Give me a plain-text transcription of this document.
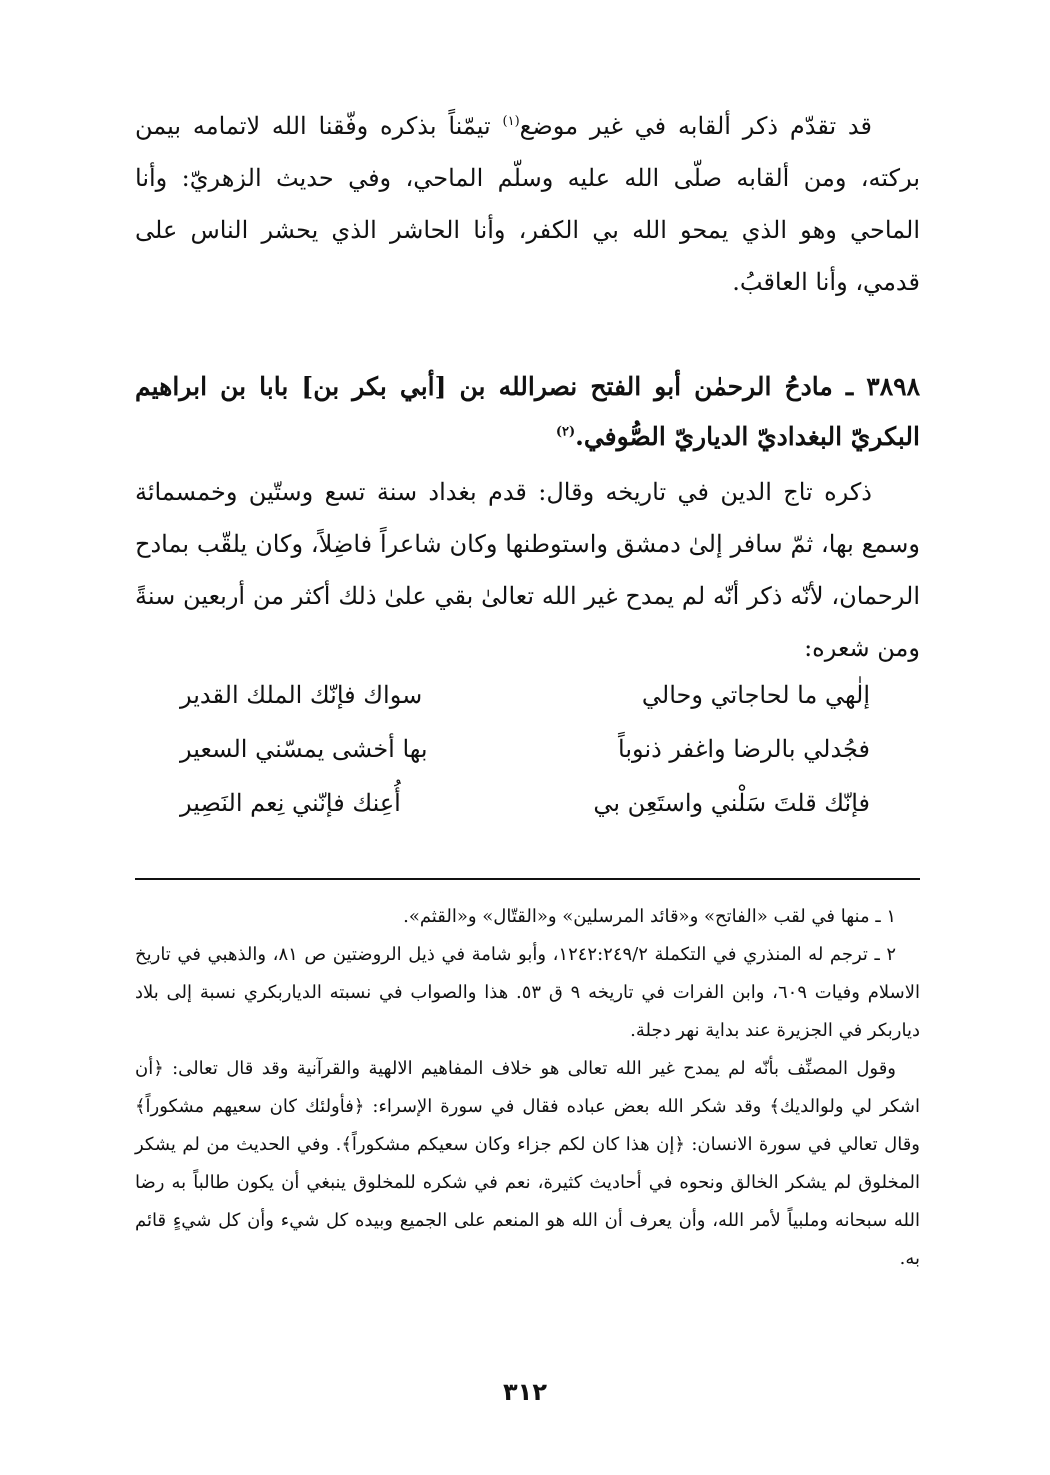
قد تقدّم ذكر ألقابه في غير موضع$^{(١)}$ تيمّناً بذكره وفّقنا الله لاتمامه بيمن بركته، ومن ألقابه صلّى الله عليه وسلّم الماحي، وفي حديث الزهريّ: وأنا الماحي وهو الذي يمحو الله بي الكفر، وأنا الحاشر الذي يحشر الناس على قدمي، وأنا العاقبُ.
٣٨٩٨ ـ مادحُ الرحمٰن أبو الفتح نصرالله بن [أبي بكر بن] بابا بن ابراهيم البكريّ البغداديّ الدياريّ الصُّوفي.$^{(٢)}$
ذكره تاج الدين في تاريخه وقال: قدم بغداد سنة تسع وستّين وخمسمائة وسمع بها، ثمّ سافر إلىٰ دمشق واستوطنها وكان شاعراً فاضِلاً، وكان يلقّب بمادح الرحمان، لأنّه ذكر أنّه لم يمدح غير الله تعالىٰ بقي علىٰ ذلك أكثر من أربعين سنةً ومن شعره:
إلٰهي ما لحاجاتي وحالي
سواك فإنّك الملك القدير
فجُدلي بالرضا واغفر ذنوباً
بها أخشى يمسّني السعير
فإنّك قلتَ سَلْني واستَعِن بي
أُعِنك فإنّني نِعم النَصِير

١ ـ منها في لقب «الفاتح» و«قائد المرسلين» و«القتّال» و«القثم».

٢ ـ ترجم له المنذري في التكملة ١٢٤٢:٢٤٩/٢، وأبو شامة في ذيل الروضتين ص ٨١، والذهبي في تاريخ الاسلام وفيات ٦٠٩، وابن الفرات في تاريخه ٩ ق ٥٣. هذا والصواب في نسبته الدياربكري نسبة إلى بلاد دياربكر في الجزيرة عند بداية نهر دجلة.

وقول المصنِّف بأنّه لم يمدح غير الله تعالى هو خلاف المفاهيم الالهية والقرآنية وقد قال تعالى: ﴿أن اشكر لي ولوالديك﴾ وقد شكر الله بعض عباده فقال في سورة الإسراء: ﴿فأولئك كان سعيهم مشكوراً﴾ وقال تعالي في سورة الانسان: ﴿إن هذا كان لكم جزاء وكان سعيكم مشكوراً﴾. وفي الحديث من لم يشكر المخلوق لم يشكر الخالق ونحوه في أحاديث كثيرة، نعم في شكره للمخلوق ينبغي أن يكون طالباً به رضا الله سبحانه وملبياً لأمر الله، وأن يعرف أن الله هو المنعم على الجميع وبيده كل شيء وأن كل شيءٍ قائم به.

٣١٢
